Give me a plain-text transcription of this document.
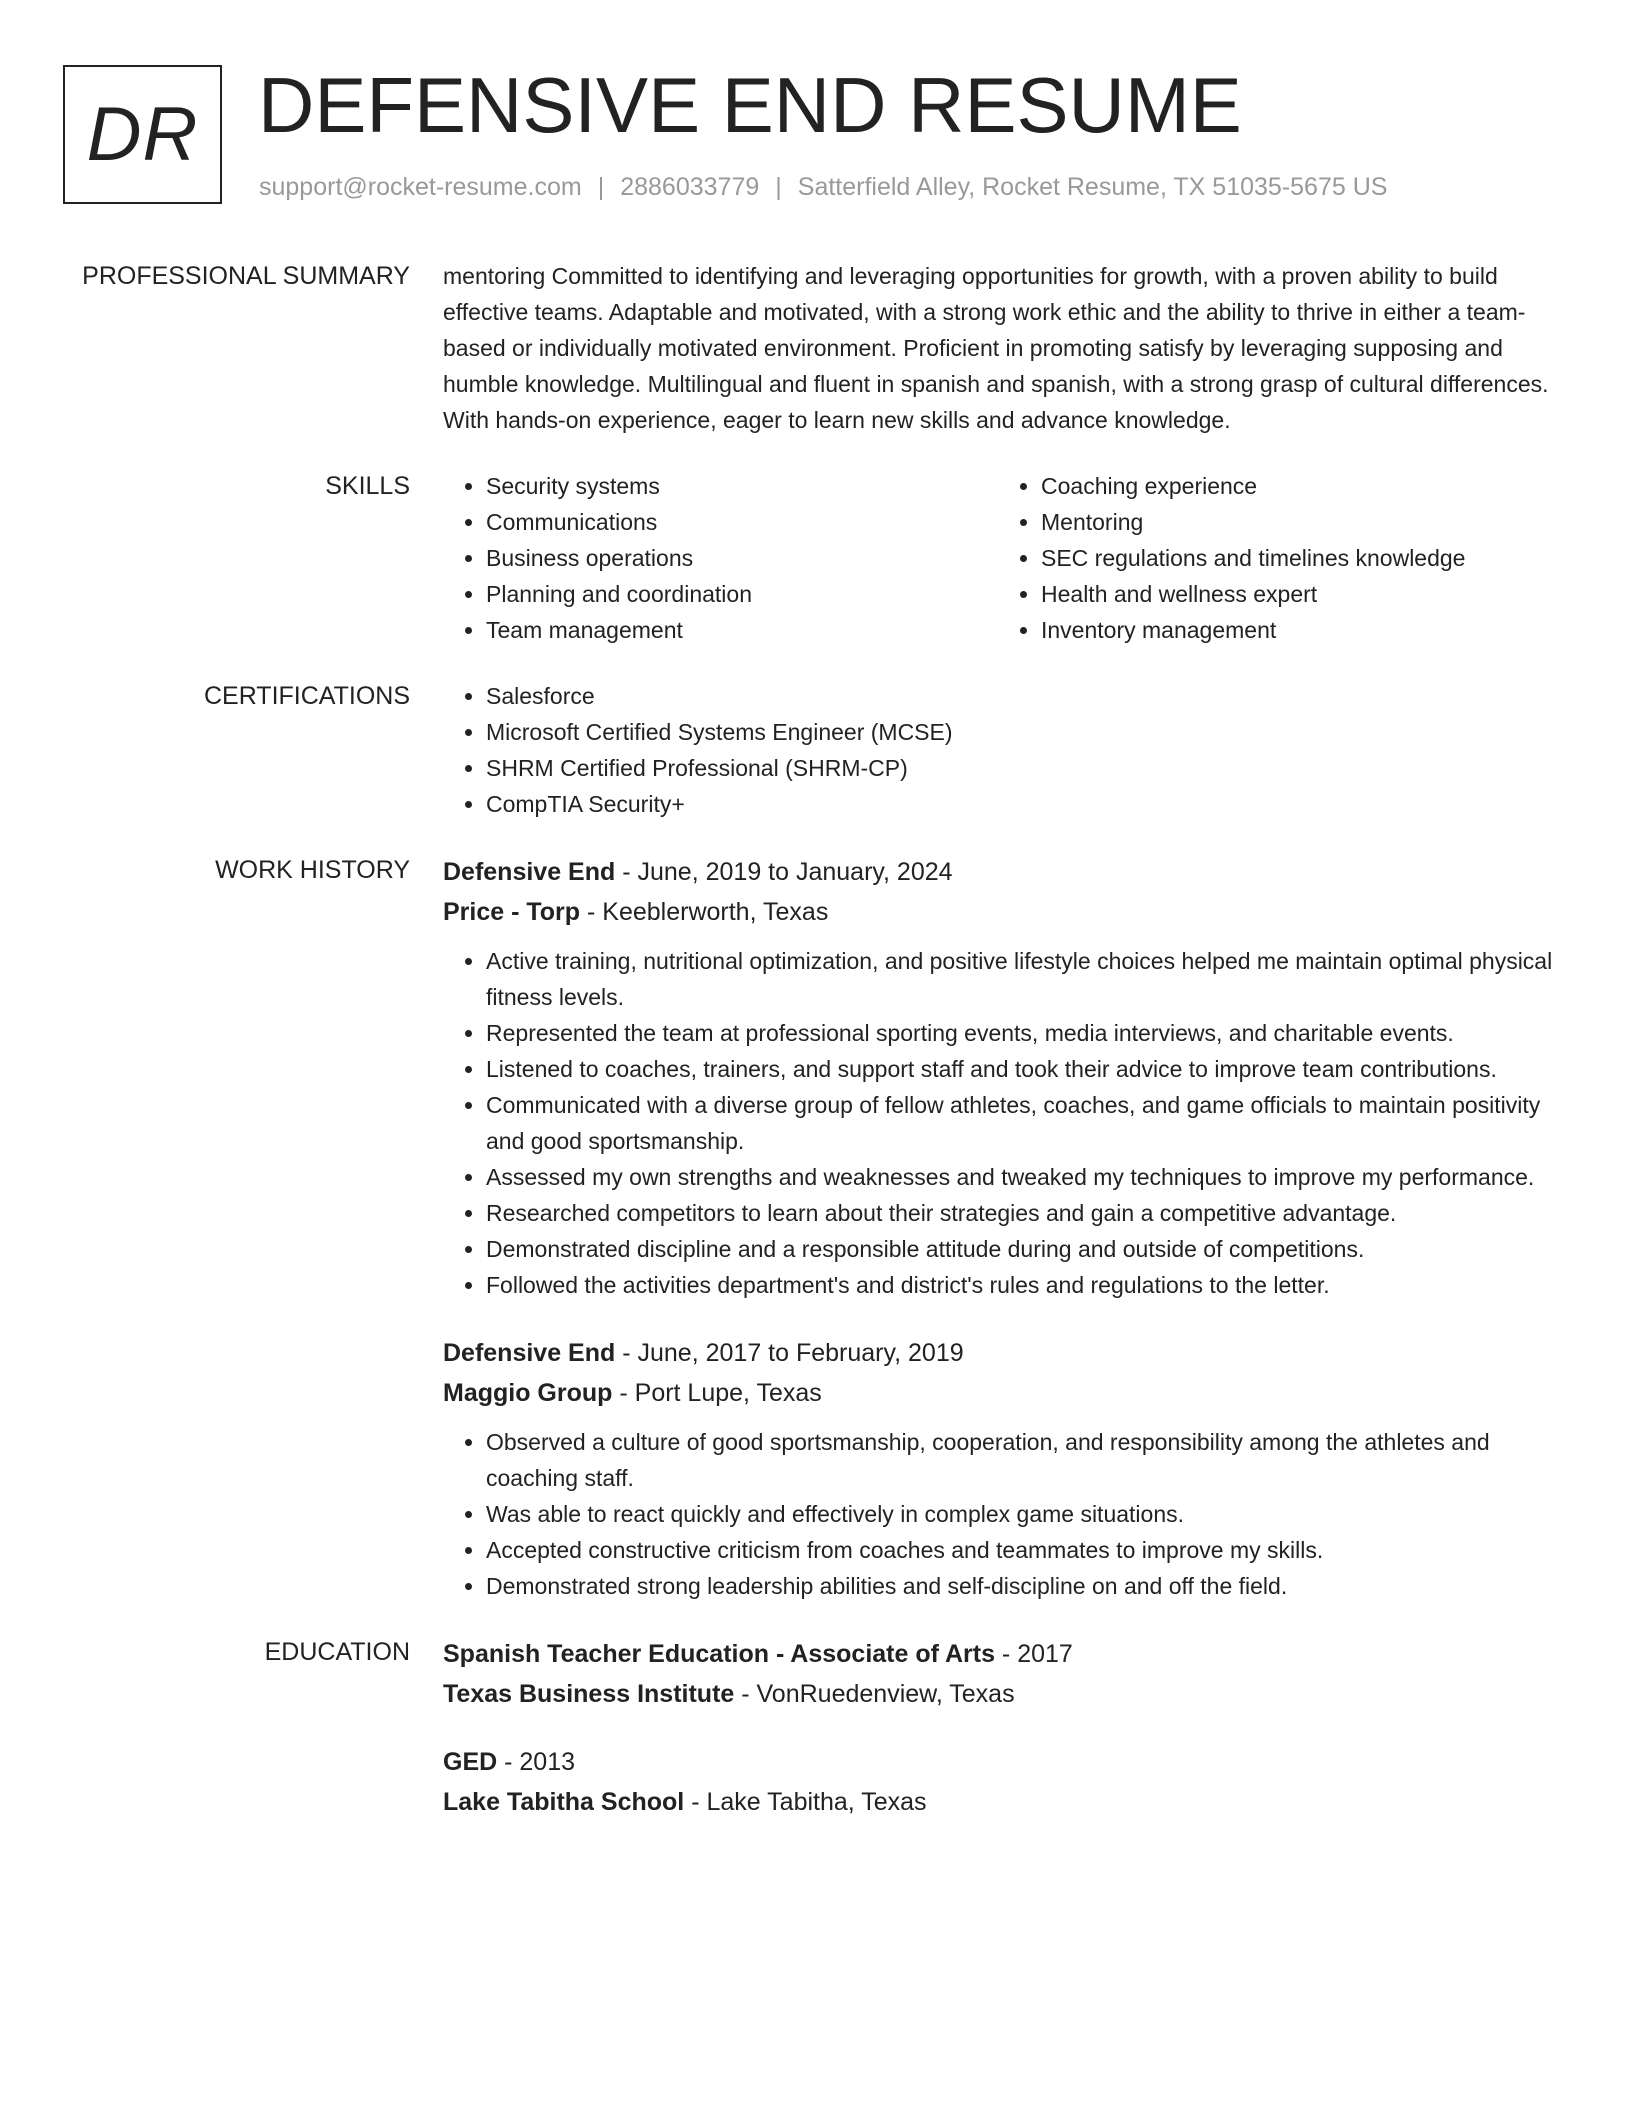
DR DEFENSIVE END RESUME
support@rocket-resume.com | 2886033779 | Satterfield Alley, Rocket Resume, TX 51035-5675 US
PROFESSIONAL SUMMARY mentoring Committed to identifying and leveraging opportunities for growth, with a proven ability to build effective teams. Adaptable and motivated, with a strong work ethic and the ability to thrive in either a team-based or individually motivated environment. Proficient in promoting satisfy by leveraging supposing and humble knowledge. Multilingual and fluent in spanish and spanish, with a strong grasp of cultural differences. With hands-on experience, eager to learn new skills and advance knowledge.

SKILLS	• Security systems
• Communications
• Business operations
• Planning and coordination
• Team management
• Coaching experience
• Mentoring
• SEC regulations and timelines knowledge
• Health and wellness expert
• Inventory management
CERTIFICATIONS	• Salesforce
• Microsoft Certified Systems Engineer (MCSE)
• SHRM Certified Professional (SHRM-CP)
• CompTIA Security+
WORK HISTORY Defensive End - June, 2019 to January, 2024
Price - Torp - Keeblerworth, Texas
• Active training, nutritional optimization, and positive lifestyle choices helped me maintain optimal physical fitness levels.
• Represented the team at professional sporting events, media interviews, and charitable events.
• Listened to coaches, trainers, and support staff and took their advice to improve team contributions.
• Communicated with a diverse group of fellow athletes, coaches, and game officials to maintain positivity and good sportsmanship.
• Assessed my own strengths and weaknesses and tweaked my techniques to improve my performance.
• Researched competitors to learn about their strategies and gain a competitive advantage.
• Demonstrated discipline and a responsible attitude during and outside of competitions.
• Followed the activities department's and district's rules and regulations to the letter.
Defensive End - June, 2017 to February, 2019
Maggio Group - Port Lupe, Texas
• Observed a culture of good sportsmanship, cooperation, and responsibility among the athletes and coaching staff.
• Was able to react quickly and effectively in complex game situations.
• Accepted constructive criticism from coaches and teammates to improve my skills.
• Demonstrated strong leadership abilities and self-discipline on and off the field.
EDUCATION Spanish Teacher Education - Associate of Arts - 2017
Texas Business Institute - VonRuedenview, Texas
GED - 2013
Lake Tabitha School - Lake Tabitha, Texas
